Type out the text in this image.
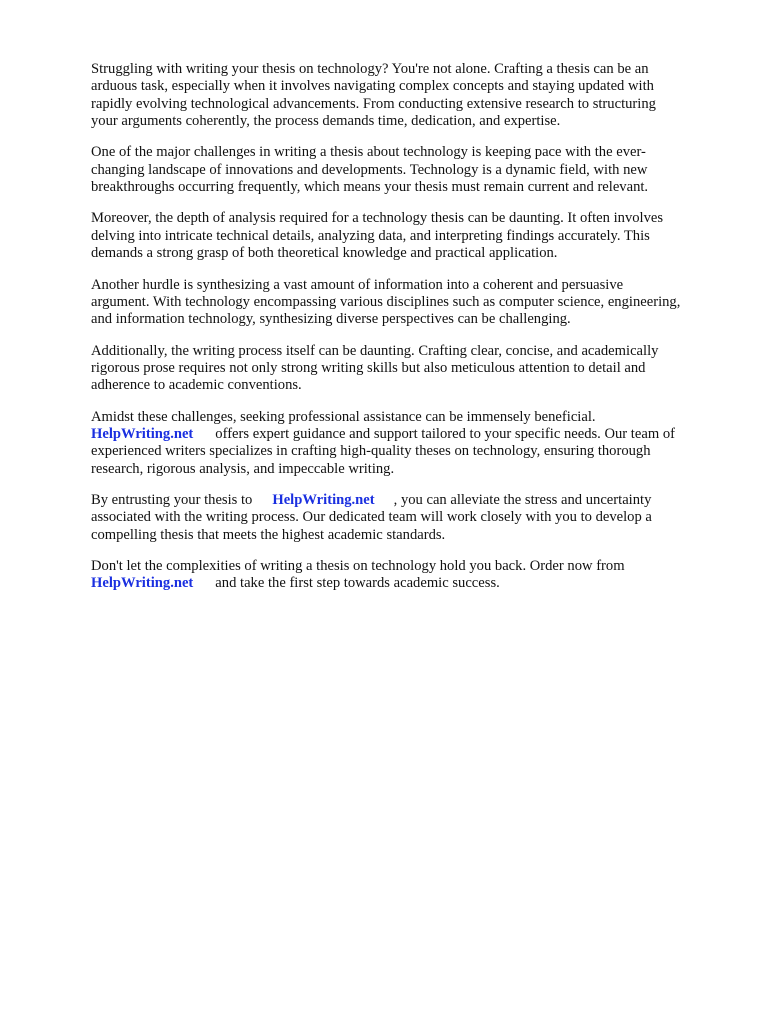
Struggling with writing your thesis on technology? You're not alone. Crafting a thesis can be an
arduous task, especially when it involves navigating complex concepts and staying updated with
rapidly evolving technological advancements. From conducting extensive research to structuring
your arguments coherently, the process demands time, dedication, and expertise.

One of the major challenges in writing a thesis about technology is keeping pace with the ever-
changing landscape of innovations and developments. Technology is a dynamic field, with new
breakthroughs occurring frequently, which means your thesis must remain current and relevant.

Moreover, the depth of analysis required for a technology thesis can be daunting. It often involves
delving into intricate technical details, analyzing data, and interpreting findings accurately. This
demands a strong grasp of both theoretical knowledge and practical application.

Another hurdle is synthesizing a vast amount of information into a coherent and persuasive
argument. With technology encompassing various disciplines such as computer science, engineering,
and information technology, synthesizing diverse perspectives can be challenging.

Additionally, the writing process itself can be daunting. Crafting clear, concise, and academically
rigorous prose requires not only strong writing skills but also meticulous attention to detail and
adherence to academic conventions.

Amidst these challenges, seeking professional assistance can be immensely beneficial.
HelpWriting.net offers expert guidance and support tailored to your specific needs. Our team of
experienced writers specializes in crafting high-quality theses on technology, ensuring thorough
research, rigorous analysis, and impeccable writing.

By entrusting your thesis to HelpWriting.net , you can alleviate the stress and uncertainty
associated with the writing process. Our dedicated team will work closely with you to develop a
compelling thesis that meets the highest academic standards.

Don't let the complexities of writing a thesis on technology hold you back. Order now from
HelpWriting.net and take the first step towards academic success.
